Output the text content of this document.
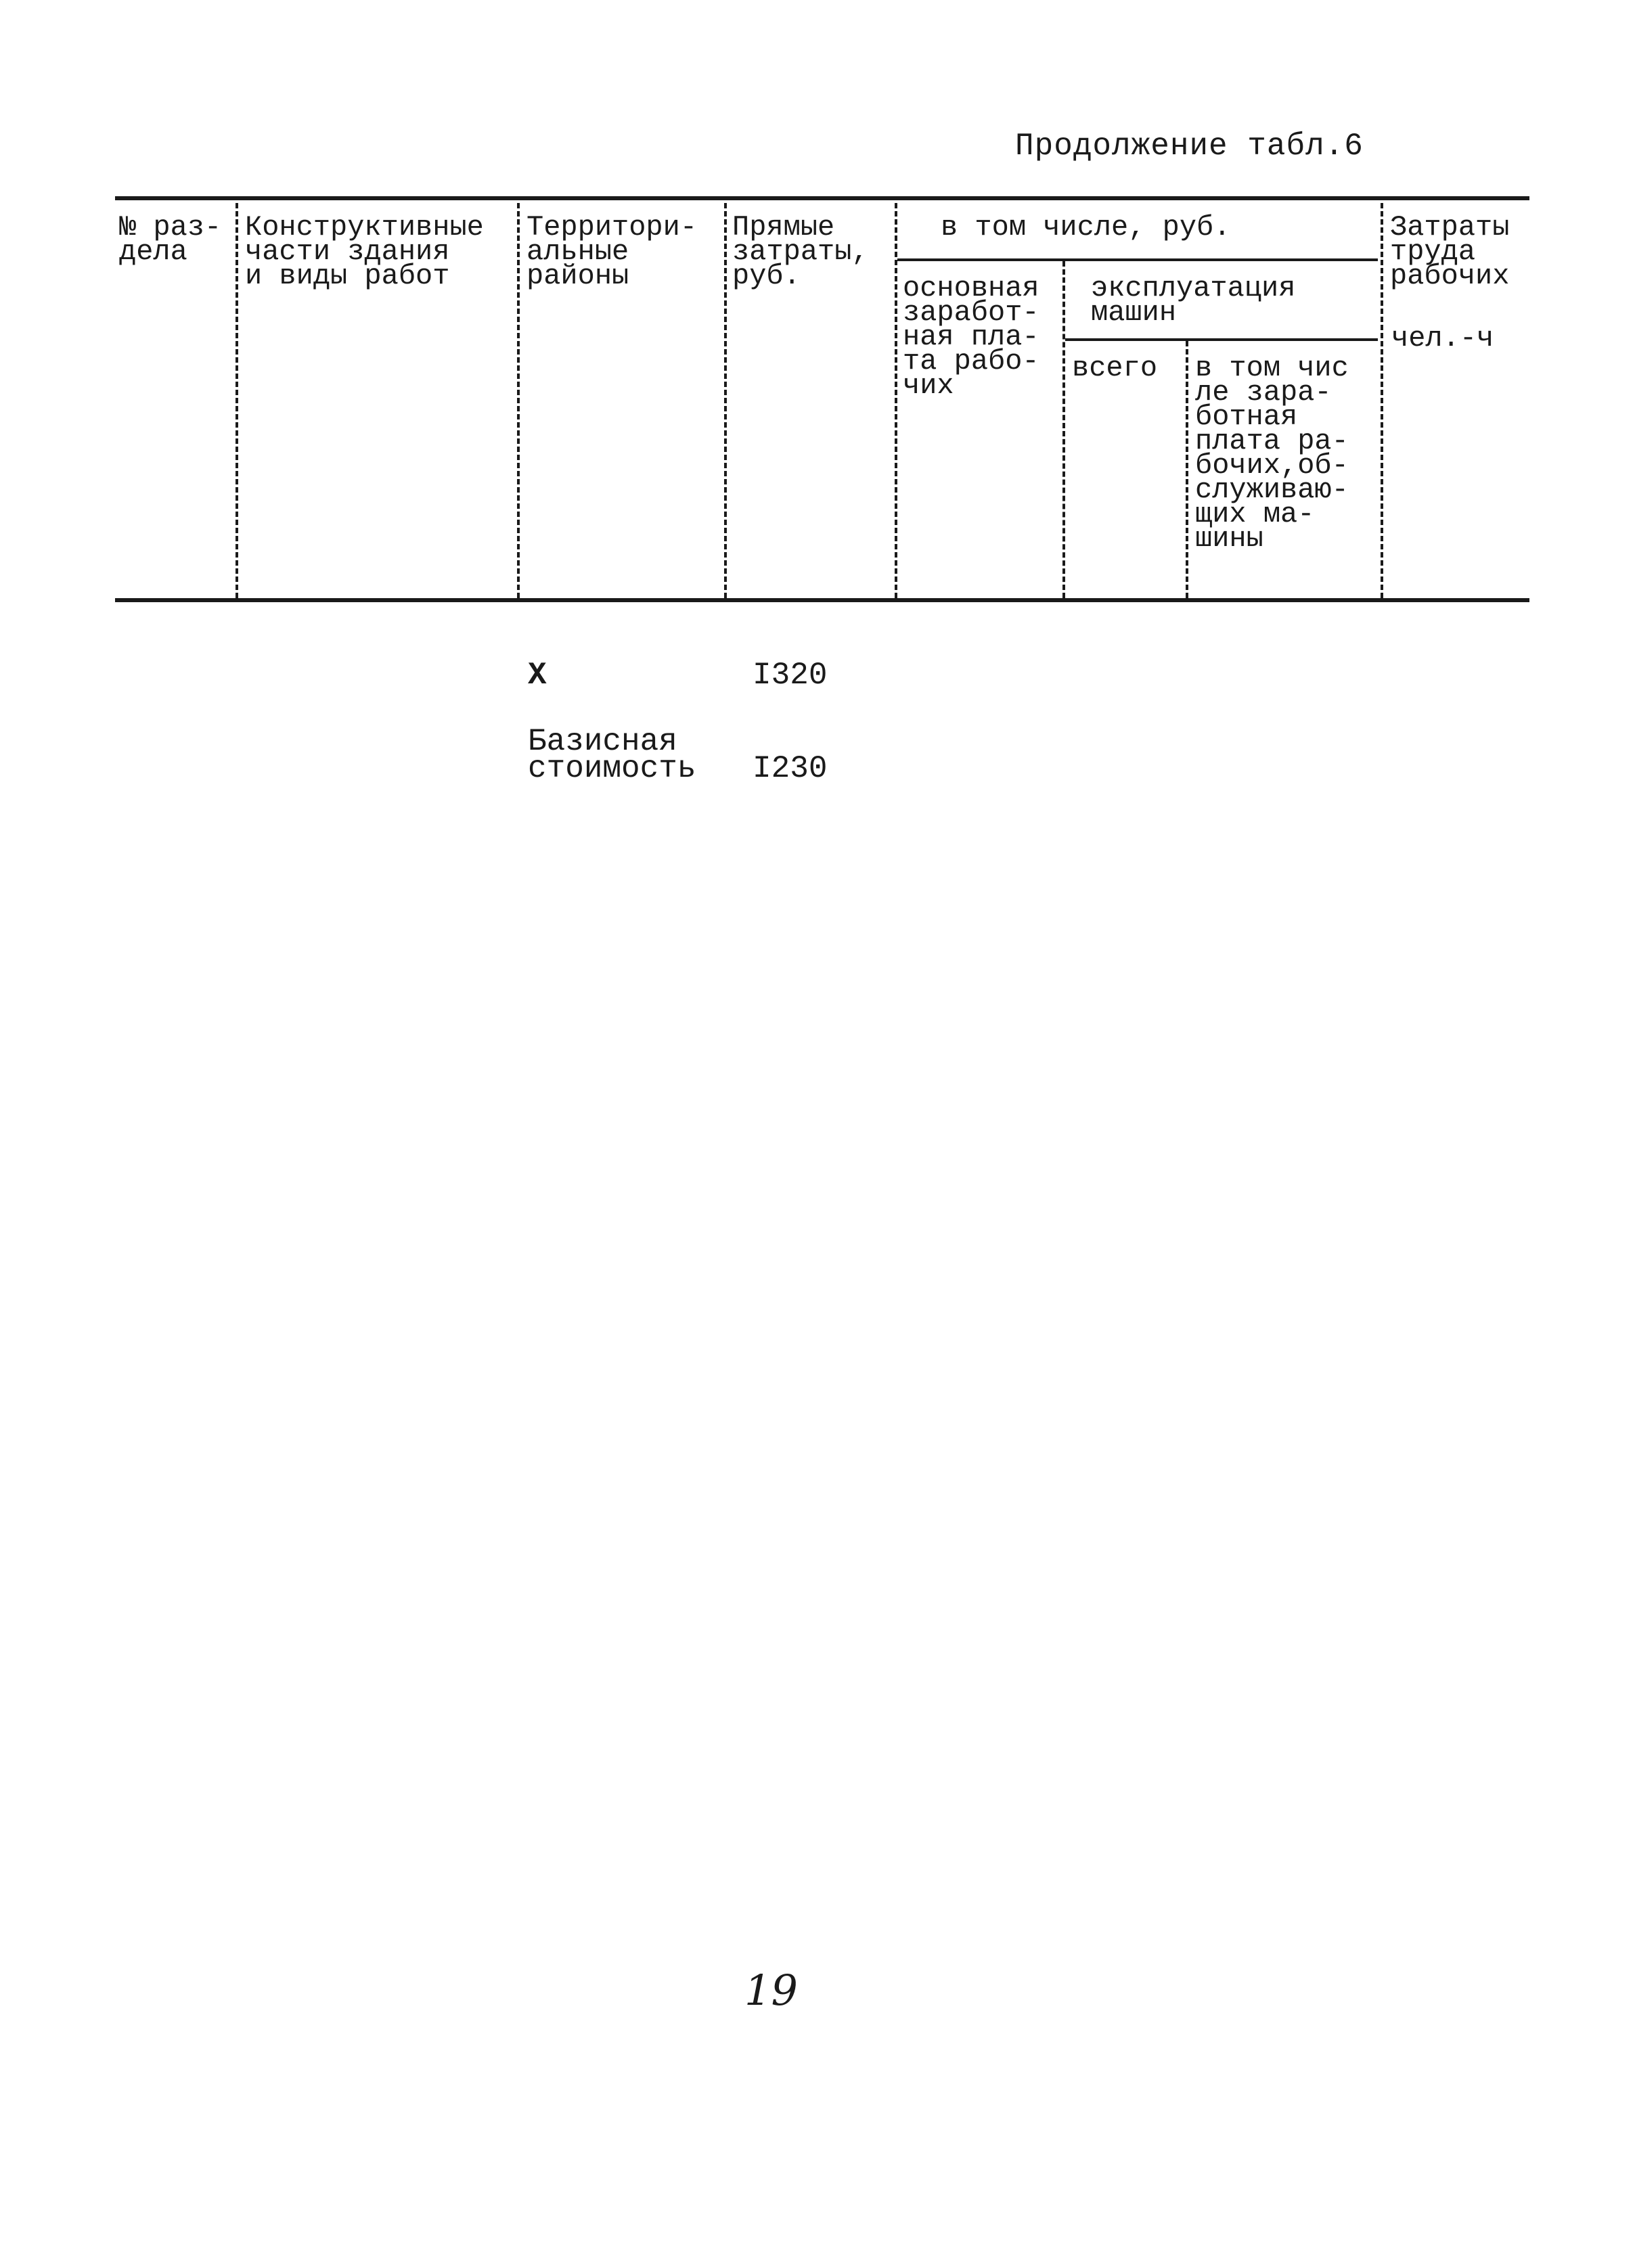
Продолжение табл.6
№ раз-
дела
Конструктивные
части здания
и виды работ
Территори-
альные
районы
Прямые
затраты,
руб.
в том числе, руб.
основная
заработ-
ная пла-
та рабо-
чих
эксплуатация
машин
всего в том чис
ле зара-
ботная
плата ра-
бочих,об-
служиваю-
щих ма-
шины
Затраты
труда
рабочих
чел.-ч
X	I320
Базисная
стоимость I230
19
